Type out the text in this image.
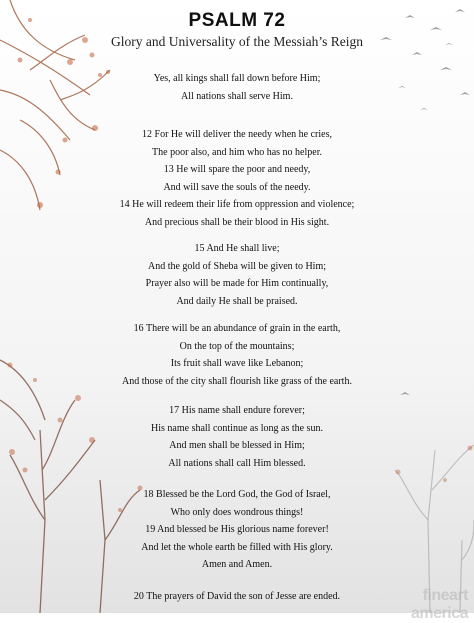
PSALM 72
Glory and Universality of the Messiah’s Reign
Yes, all kings shall fall down before Him;
All nations shall serve Him.
12 For He will deliver the needy when he cries,
The poor also, and him who has no helper.
13 He will spare the poor and needy,
And will save the souls of the needy.
14 He will redeem their life from oppression and violence;
And precious shall be their blood in His sight.
15 And He shall live;
And the gold of Sheba will be given to Him;
Prayer also will be made for Him continually,
And daily He shall be praised.
16 There will be an abundance of grain in the earth,
On the top of the mountains;
Its fruit shall wave like Lebanon;
And those of the city shall flourish like grass of the earth.
17 His name shall endure forever;
His name shall continue as long as the sun.
And men shall be blessed in Him;
All nations shall call Him blessed.
18 Blessed be the Lord God, the God of Israel,
Who only does wondrous things!
19 And blessed be His glorious name forever!
And let the whole earth be filled with His glory.
Amen and Amen.
20 The prayers of David the son of Jesse are ended.	fineart america
